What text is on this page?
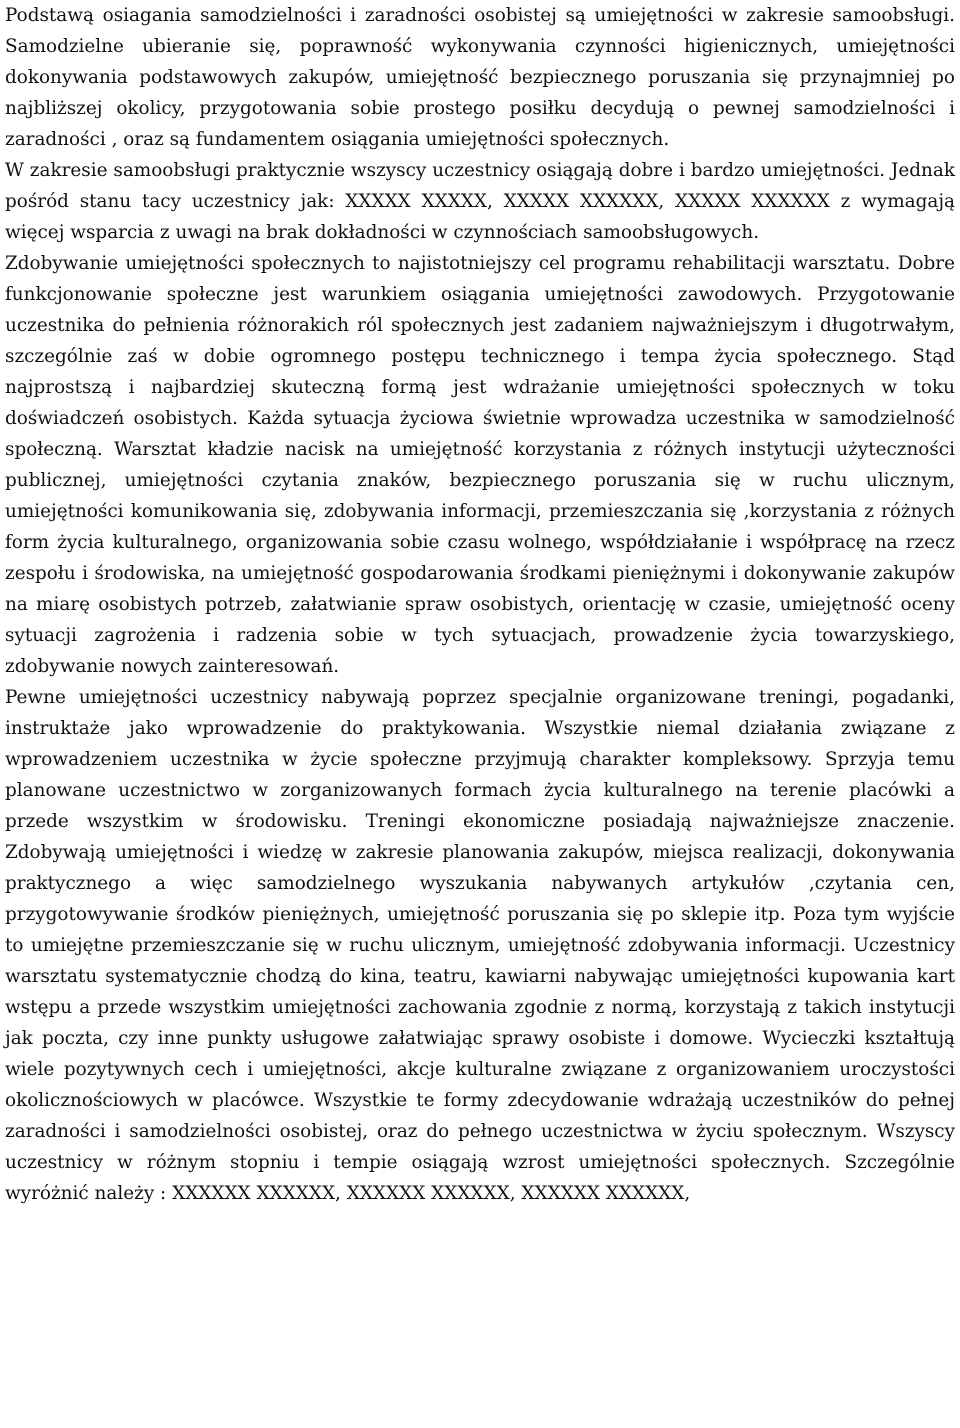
Podstawą osiagania samodzielności i zaradności osobistej są umiejętności w zakresie samoobsługi. Samodzielne ubieranie się, poprawność wykonywania czynności higienicznych, umiejętności dokonywania podstawowych zakupów, umiejętność bezpiecznego poruszania się przynajmniej po najbliższej okolicy, przygotowania sobie prostego posiłku decydują o pewnej samodzielności i zaradności , oraz są fundamentem osiągania umiejętności społecznych.

W zakresie samoobsługi praktycznie wszyscy uczestnicy osiągają dobre i bardzo umiejętności. Jednak pośród stanu tacy uczestnicy jak: XXXXX XXXXX, XXXXX XXXXXX, XXXXX XXXXXX z wymagają więcej wsparcia z uwagi na brak dokładności w czynnościach samoobsługowych.

Zdobywanie umiejętności społecznych to najistotniejszy cel programu rehabilitacji warsztatu. Dobre funkcjonowanie społeczne jest warunkiem osiągania umiejętności zawodowych. Przygotowanie uczestnika do pełnienia różnorakich ról społecznych jest zadaniem najważniejszym i długotrwałym, szczególnie zaś w dobie ogromnego postępu technicznego i tempa życia społecznego. Stąd najprostszą i najbardziej skuteczną formą jest wdrażanie umiejętności społecznych w toku doświadczeń osobistych. Każda sytuacja życiowa świetnie wprowadza uczestnika w samodzielność społeczną. Warsztat kładzie nacisk na umiejętność korzystania z różnych instytucji użyteczności publicznej, umiejętności czytania znaków, bezpiecznego poruszania się w ruchu ulicznym, umiejętności komunikowania się, zdobywania informacji, przemieszczania się ,korzystania z różnych form życia kulturalnego, organizowania sobie czasu wolnego, współdziałanie i współpracę na rzecz zespołu i środowiska, na umiejętność gospodarowania środkami pieniężnymi i dokonywanie zakupów na miarę osobistych potrzeb, załatwianie spraw osobistych, orientację w czasie, umiejętność oceny sytuacji zagrożenia i radzenia sobie w tych sytuacjach, prowadzenie życia towarzyskiego, zdobywanie nowych zainteresowań.

Pewne umiejętności uczestnicy nabywają poprzez specjalnie organizowane treningi, pogadanki, instruktaże jako wprowadzenie do praktykowania. Wszystkie niemal działania związane z wprowadzeniem uczestnika w życie społeczne przyjmują charakter kompleksowy. Sprzyja temu planowane uczestnictwo w zorganizowanych formach życia kulturalnego na terenie placówki a przede wszystkim w środowisku. Treningi ekonomiczne posiadają najważniejsze znaczenie. Zdobywają umiejętności i wiedzę w zakresie planowania zakupów, miejsca realizacji, dokonywania praktycznego a więc samodzielnego wyszukania nabywanych artykułów ,czytania cen, przygotowywanie środków pieniężnych, umiejętność poruszania się po sklepie itp. Poza tym wyjście to umiejętne przemieszczanie się w ruchu ulicznym, umiejętność zdobywania informacji. Uczestnicy warsztatu systematycznie chodzą do kina, teatru, kawiarni nabywając umiejętności kupowania kart wstępu a przede wszystkim umiejętności zachowania zgodnie z normą, korzystają z takich instytucji jak poczta, czy inne punkty usługowe załatwiając sprawy osobiste i domowe. Wycieczki kształtują wiele pozytywnych cech i umiejętności, akcje kulturalne związane z organizowaniem uroczystości okolicznościowych w placówce. Wszystkie te formy zdecydowanie wdrażają uczestników do pełnej zaradności i samodzielności osobistej, oraz do pełnego uczestnictwa w życiu społecznym. Wszyscy uczestnicy w różnym stopniu i tempie osiągają wzrost umiejętności społecznych. Szczególnie wyróżnić należy : XXXXXX XXXXXX, XXXXXX XXXXXX, XXXXXX XXXXXX,
